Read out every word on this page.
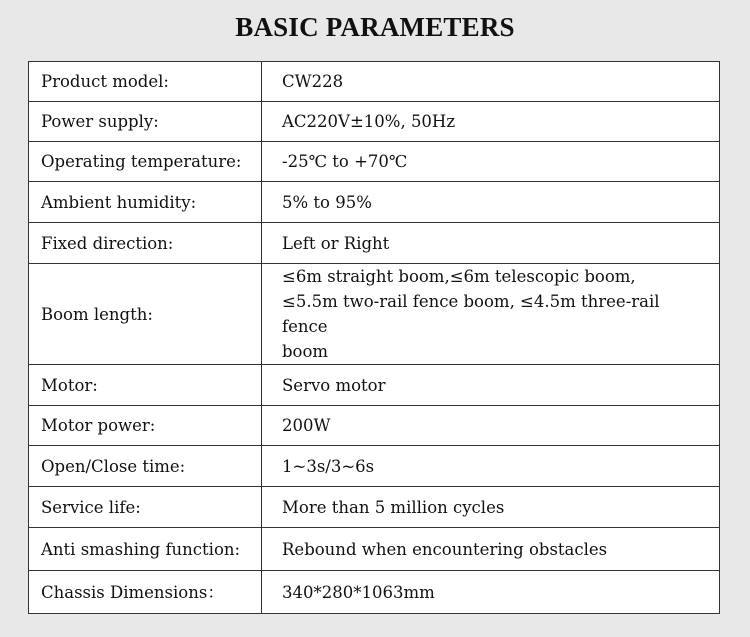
BASIC PARAMETERS
Product model:	CW228
Power supply:	AC220V±10%, 50Hz
Operating temperature:	-25℃ to +70℃
Ambient humidity:	5% to 95%
Fixed direction:	Left or Right
Boom length:	≤6m straight boom,≤6m telescopic boom,
≤5.5m two-rail fence boom, ≤4.5m three-rail fence
boom

Motor:	Servo motor
Motor power:	200W
Open/Close time:	1~3s/3~6s
Service life:	More than 5 million cycles
Anti smashing function:	Rebound when encountering obstacles
Chassis Dimensions：	340*280*1063mm
